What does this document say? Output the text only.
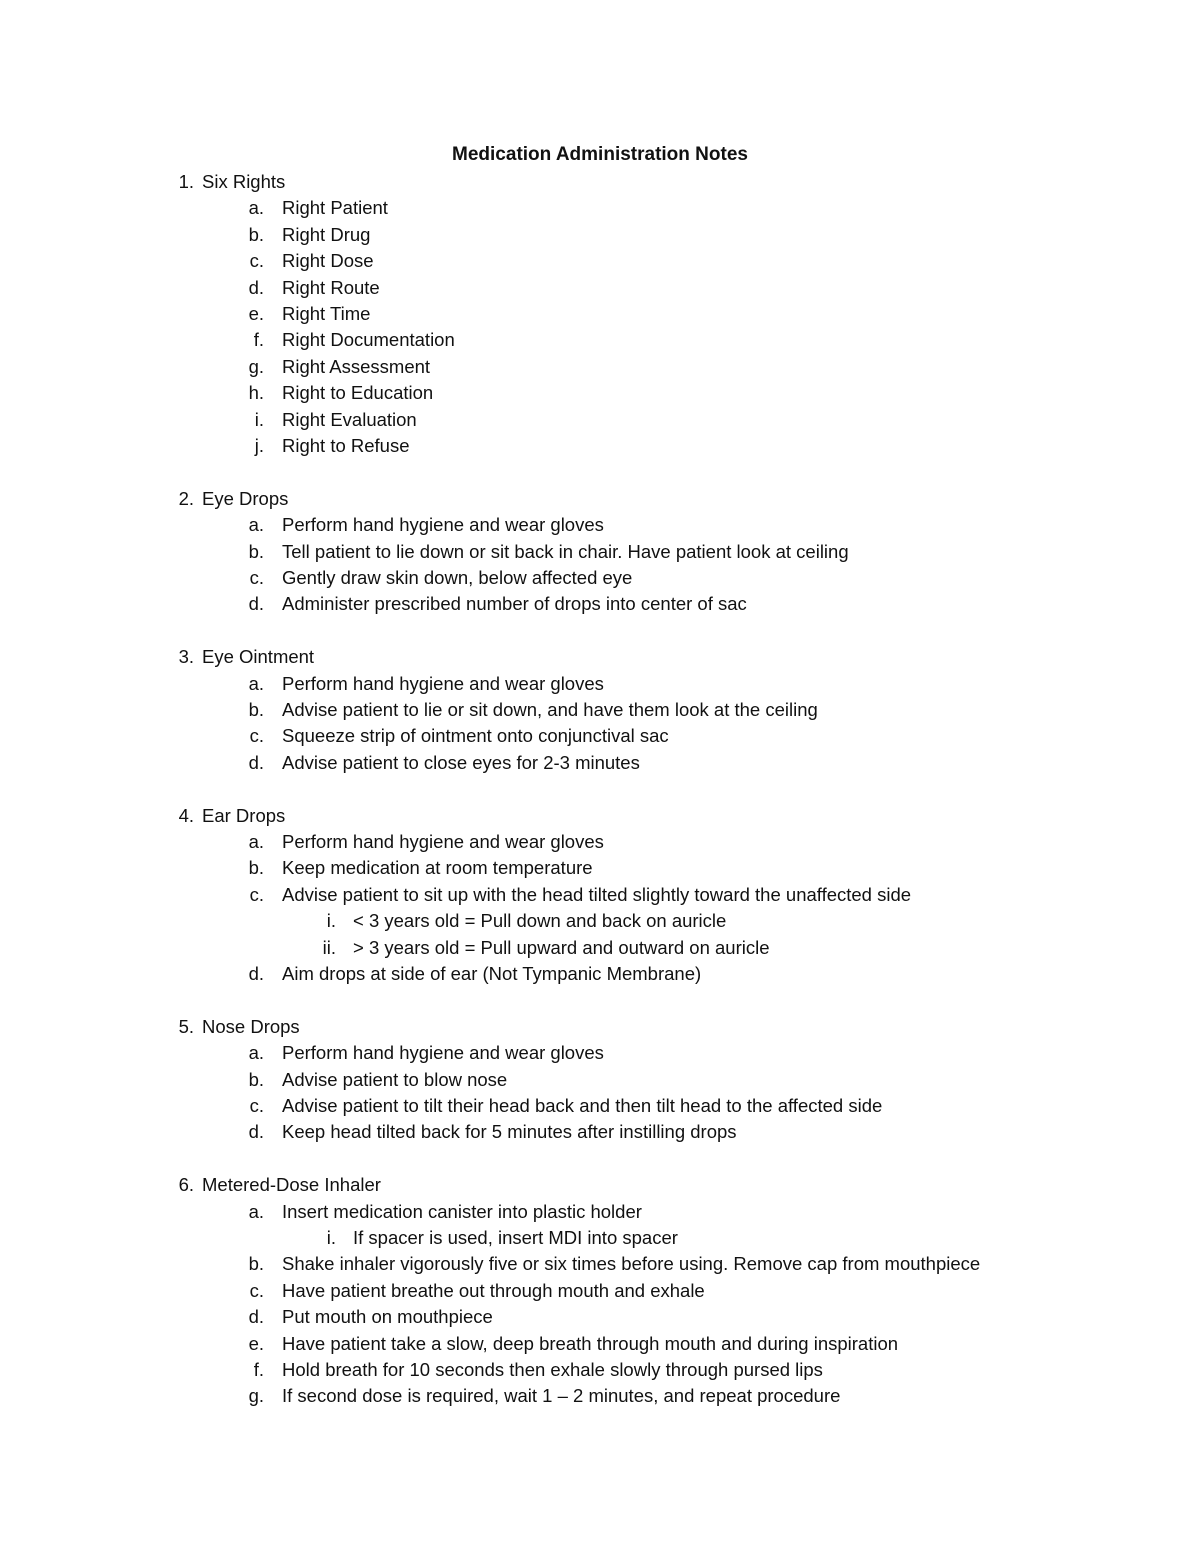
Medication Administration Notes
1. Six Rights
a. Right Patient
b. Right Drug
c. Right Dose
d. Right Route
e. Right Time
f. Right Documentation
g. Right Assessment
h. Right to Education
i. Right Evaluation
j. Right to Refuse
2. Eye Drops
a. Perform hand hygiene and wear gloves
b. Tell patient to lie down or sit back in chair. Have patient look at ceiling
c. Gently draw skin down, below affected eye
d. Administer prescribed number of drops into center of sac
3. Eye Ointment
a. Perform hand hygiene and wear gloves
b. Advise patient to lie or sit down, and have them look at the ceiling
c. Squeeze strip of ointment onto conjunctival sac
d. Advise patient to close eyes for 2-3 minutes
4. Ear Drops
a. Perform hand hygiene and wear gloves
b. Keep medication at room temperature
c. Advise patient to sit up with the head tilted slightly toward the unaffected side
i. < 3 years old = Pull down and back on auricle
ii. > 3 years old = Pull upward and outward on auricle
d. Aim drops at side of ear (Not Tympanic Membrane)
5. Nose Drops
a. Perform hand hygiene and wear gloves
b. Advise patient to blow nose
c. Advise patient to tilt their head back and then tilt head to the affected side
d. Keep head tilted back for 5 minutes after instilling drops
6. Metered-Dose Inhaler
a. Insert medication canister into plastic holder
i. If spacer is used, insert MDI into spacer
b. Shake inhaler vigorously five or six times before using. Remove cap from mouthpiece
c. Have patient breathe out through mouth and exhale
d. Put mouth on mouthpiece
e. Have patient take a slow, deep breath through mouth and during inspiration
f. Hold breath for 10 seconds then exhale slowly through pursed lips
g. If second dose is required, wait 1 – 2 minutes, and repeat procedure
